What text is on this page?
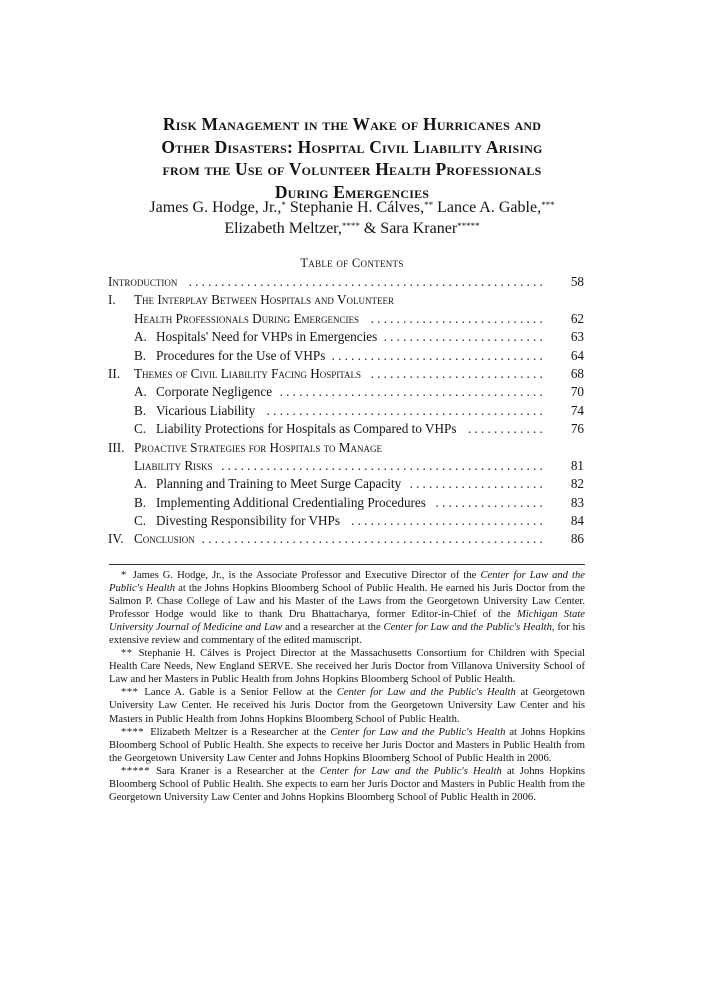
Risk Management in the Wake of Hurricanes and
Other Disasters: Hospital Civil Liability Arising
from the Use of Volunteer Health Professionals
During Emergencies
James G. Hodge, Jr.,* Stephanie H. Cálves,** Lance A. Gable,***
Elizabeth Meltzer,**** & Sara Kraner*****
Table of Contents
Introduction .......................................................	58
I. The Interplay Between Hospitals and Volunteer
Health Professionals During Emergencies ...........................	62
A. Hospitals' Need for VHPs in Emergencies .........................	63
B. Procedures for the Use of VHPs .................................	64
II. Themes of Civil Liability Facing Hospitals ...........................	68
A. Corporate Negligence .........................................	70
B. Vicarious Liability ...........................................	74
C. Liability Protections for Hospitals as Compared to VHPs ............	76
III. Proactive Strategies for Hospitals to Manage
Liability Risks ..................................................	81
A. Planning and Training to Meet Surge Capacity .....................	82
B. Implementing Additional Credentialing Procedures .................	83
C. Divesting Responsibility for VHPs ..............................	84
IV. Conclusion .....................................................	86

* James G. Hodge, Jr., is the Associate Professor and Executive Director of the Center for Law and the Public's Health at the Johns Hopkins Bloomberg School of Public Health. He earned his Juris Doctor from the Salmon P. Chase College of Law and his Master of the Laws from the Georgetown University Law Center. Professor Hodge would like to thank Dru Bhattacharya, former Editor-in-Chief of the Michigan State University Journal of Medicine and Law and a researcher at the Center for Law and the Public's Health, for his extensive review and commentary of the edited manuscript.

** Stephanie H. Cálves is Project Director at the Massachusetts Consortium for Children with Special Health Care Needs, New England SERVE. She received her Juris Doctor from Villanova University School of Law and her Masters in Public Health from Johns Hopkins Bloomberg School of Public Health.

*** Lance A. Gable is a Senior Fellow at the Center for Law and the Public's Health at Georgetown University Law Center. He received his Juris Doctor from the Georgetown University Law Center and his Masters in Public Health from Johns Hopkins Bloomberg School of Public Health.

**** Elizabeth Meltzer is a Researcher at the Center for Law and the Public's Health at Johns Hopkins Bloomberg School of Public Health. She expects to receive her Juris Doctor and Masters in Public Health from the Georgetown University Law Center and Johns Hopkins Bloomberg School of Public Health in 2006.

***** Sara Kraner is a Researcher at the Center for Law and the Public's Health at Johns Hopkins Bloomberg School of Public Health. She expects to earn her Juris Doctor and Masters in Public Health from the Georgetown University Law Center and Johns Hopkins Bloomberg School of Public Health in 2006.
